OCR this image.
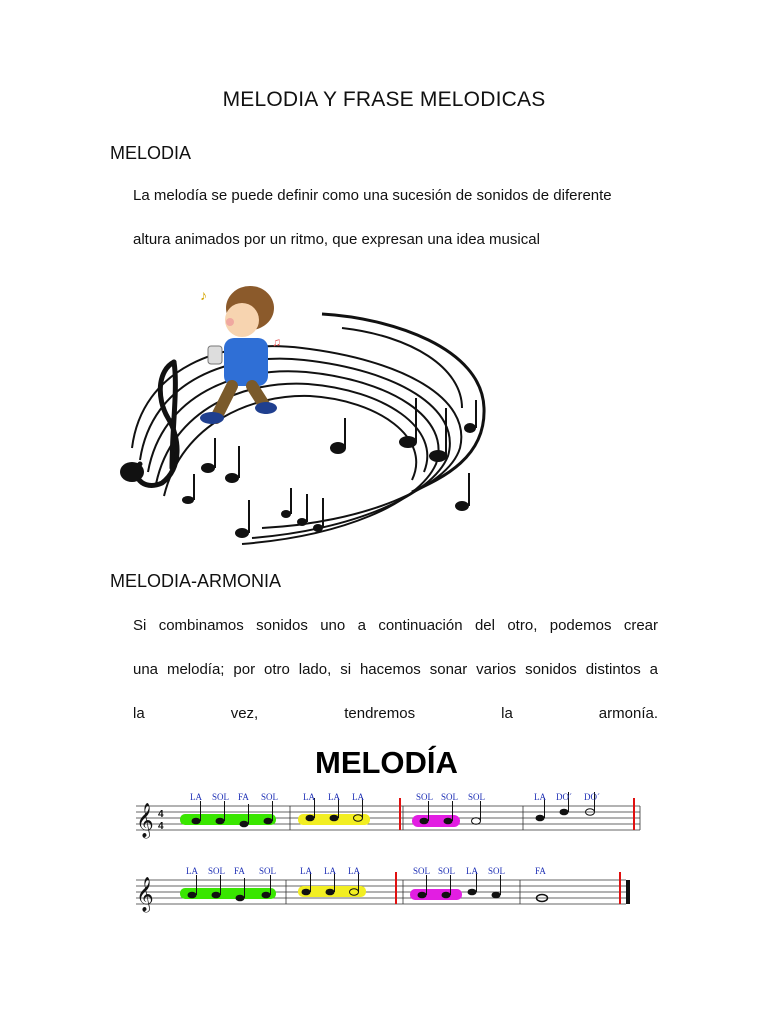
MELODIA Y FRASE MELODICAS
MELODIA
La melodía se puede definir como una sucesión de sonidos de diferente
altura animados por un ritmo, que expresan una idea musical
♪
♫
MELODIA-ARMONIA
Si combinamos sonidos uno a continuación del otro, podemos crear
una melodía; por otro lado, si hacemos sonar varios sonidos distintos a
la vez, tendremos la armonía.
MELODÍA
𝄞 4
4
LA SOL FA SOL	LA LA LA	SOL SOL SOL	LA DO´ DO´
𝄞
LA SOL FA SOL	LA LA LA	SOL SOL LA SOL	FA
